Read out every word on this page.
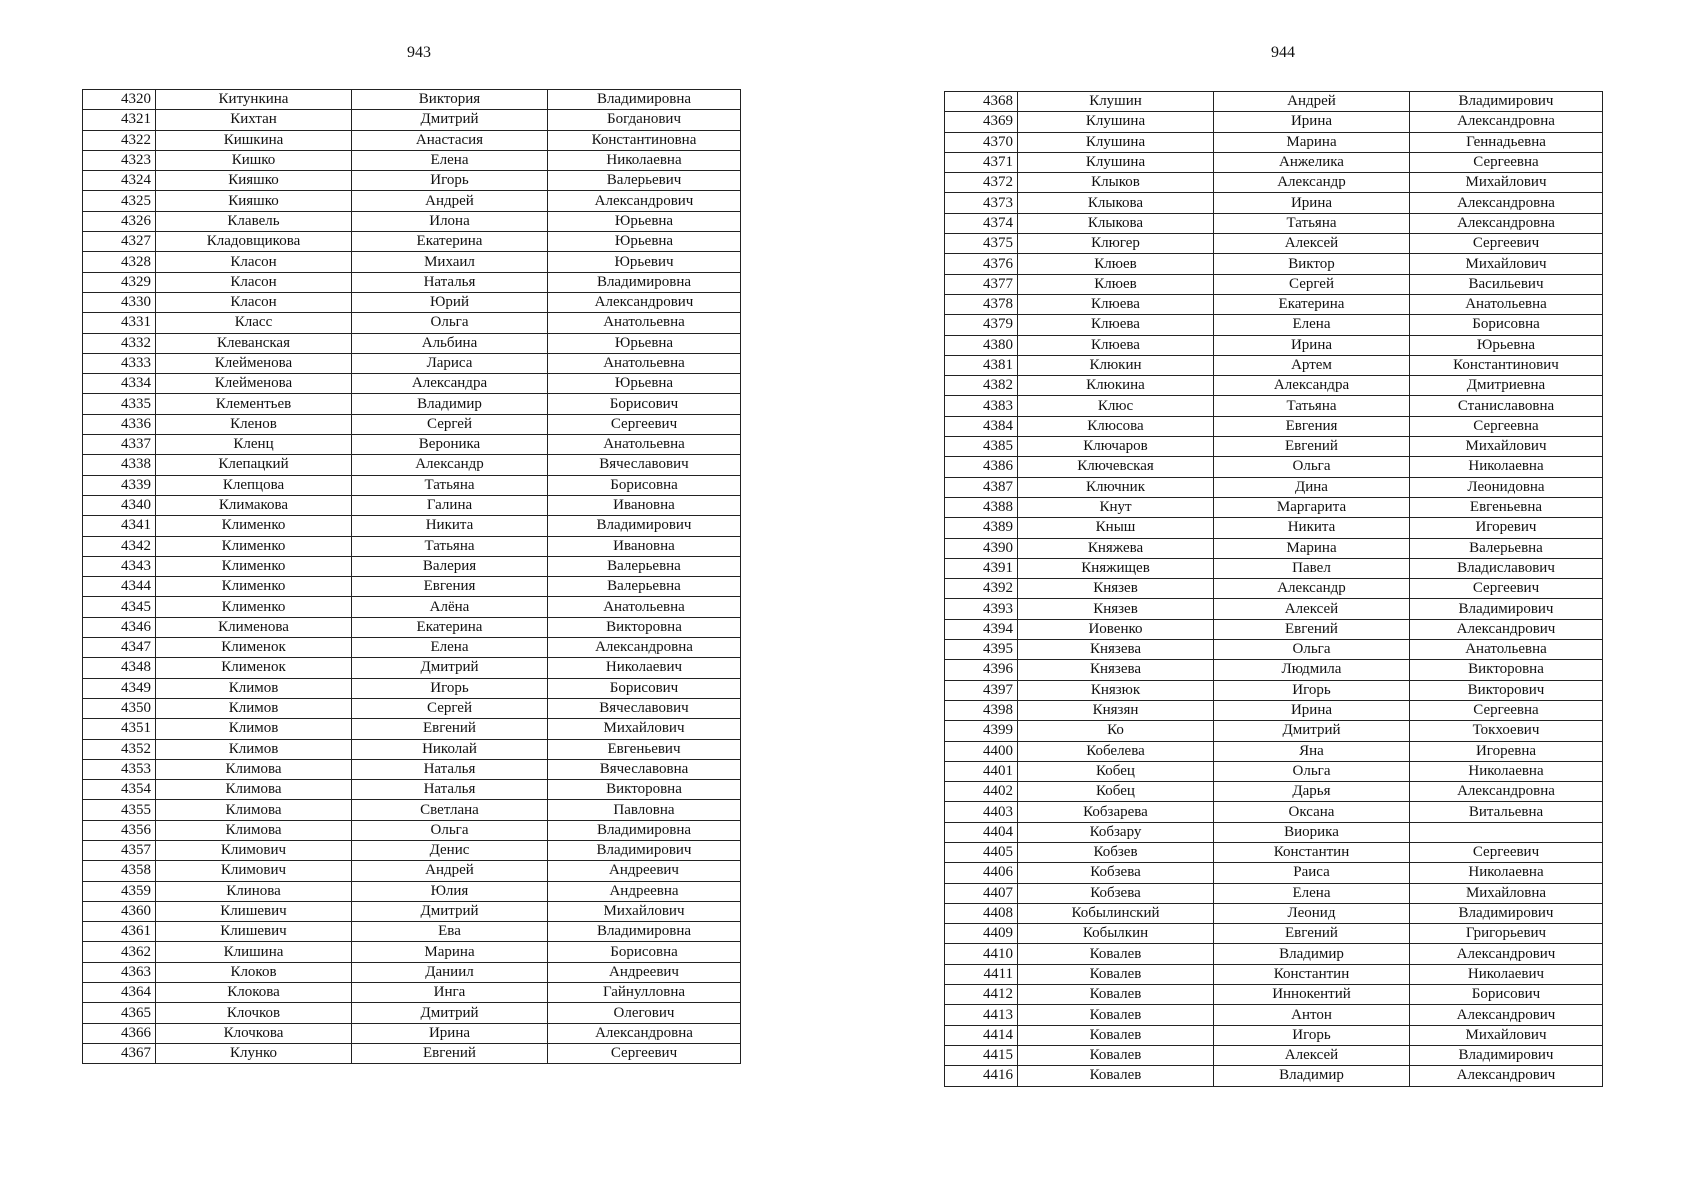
943	944
4320	Китункина	Виктория	Владимировна
4321	Кихтан	Дмитрий	Богданович
4322	Кишкина	Анастасия	Константиновна
4323	Кишко	Елена	Николаевна
4324	Кияшко	Игорь	Валерьевич
4325	Кияшко	Андрей	Александрович
4326	Клавель	Илона	Юрьевна
4327	Кладовщикова	Екатерина	Юрьевна
4328	Класон	Михаил	Юрьевич
4329	Класон	Наталья	Владимировна
4330	Класон	Юрий	Александрович
4331	Класс	Ольга	Анатольевна
4332	Клеванская	Альбина	Юрьевна
4333	Клейменова	Лариса	Анатольевна
4334	Клейменова	Александра	Юрьевна
4335	Клементьев	Владимир	Борисович
4336	Кленов	Сергей	Сергеевич
4337	Кленц	Вероника	Анатольевна
4338	Клепацкий	Александр	Вячеславович
4339	Клепцова	Татьяна	Борисовна
4340	Климакова	Галина	Ивановна
4341	Клименко	Никита	Владимирович
4342	Клименко	Татьяна	Ивановна
4343	Клименко	Валерия	Валерьевна
4344	Клименко	Евгения	Валерьевна
4345	Клименко	Алёна	Анатольевна
4346	Клименова	Екатерина	Викторовна
4347	Клименок	Елена	Александровна
4348	Клименок	Дмитрий	Николаевич
4349	Климов	Игорь	Борисович
4350	Климов	Сергей	Вячеславович
4351	Климов	Евгений	Михайлович
4352	Климов	Николай	Евгеньевич
4353	Климова	Наталья	Вячеславовна
4354	Климова	Наталья	Викторовна
4355	Климова	Светлана	Павловна
4356	Климова	Ольга	Владимировна
4357	Климович	Денис	Владимирович
4358	Климович	Андрей	Андреевич
4359	Клинова	Юлия	Андреевна
4360	Клишевич	Дмитрий	Михайлович
4361	Клишевич	Ева	Владимировна
4362	Клишина	Марина	Борисовна
4363	Клоков	Даниил	Андреевич
4364	Клокова	Инга	Гайнулловна
4365	Клочков	Дмитрий	Олегович
4366	Клочкова	Ирина	Александровна
4367	Клунко	Евгений	Сергеевич
4368	Клушин	Андрей	Владимирович
4369	Клушина	Ирина	Александровна
4370	Клушина	Марина	Геннадьевна
4371	Клушина	Анжелика	Сергеевна
4372	Клыков	Александр	Михайлович
4373	Клыкова	Ирина	Александровна
4374	Клыкова	Татьяна	Александровна
4375	Клюгер	Алексей	Сергеевич
4376	Клюев	Виктор	Михайлович
4377	Клюев	Сергей	Васильевич
4378	Клюева	Екатерина	Анатольевна
4379	Клюева	Елена	Борисовна
4380	Клюева	Ирина	Юрьевна
4381	Клюкин	Артем	Константинович
4382	Клюкина	Александра	Дмитриевна
4383	Клюс	Татьяна	Станиславовна
4384	Клюсова	Евгения	Сергеевна
4385	Ключаров	Евгений	Михайлович
4386	Ключевская	Ольга	Николаевна
4387	Ключник	Дина	Леонидовна
4388	Кнут	Маргарита	Евгеньевна
4389	Кныш	Никита	Игоревич
4390	Княжева	Марина	Валерьевна
4391	Княжищев	Павел	Владиславович
4392	Князев	Александр	Сергеевич
4393	Князев	Алексей	Владимирович
4394	Иовенко	Евгений	Александрович
4395	Князева	Ольга	Анатольевна
4396	Князева	Людмила	Викторовна
4397	Князюк	Игорь	Викторович
4398	Князян	Ирина	Сергеевна
4399	Ко	Дмитрий	Токхоевич
4400	Кобелева	Яна	Игоревна
4401	Кобец	Ольга	Николаевна
4402	Кобец	Дарья	Александровна
4403	Кобзарева	Оксана	Витальевна
4404	Кобзару	Виорика	
4405	Кобзев	Константин	Сергеевич
4406	Кобзева	Раиса	Николаевна
4407	Кобзева	Елена	Михайловна
4408	Кобылинский	Леонид	Владимирович
4409	Кобылкин	Евгений	Григорьевич
4410	Ковалев	Владимир	Александрович
4411	Ковалев	Константин	Николаевич
4412	Ковалев	Иннокентий	Борисович
4413	Ковалев	Антон	Александрович
4414	Ковалев	Игорь	Михайлович
4415	Ковалев	Алексей	Владимирович
4416	Ковалев	Владимир	Александрович
